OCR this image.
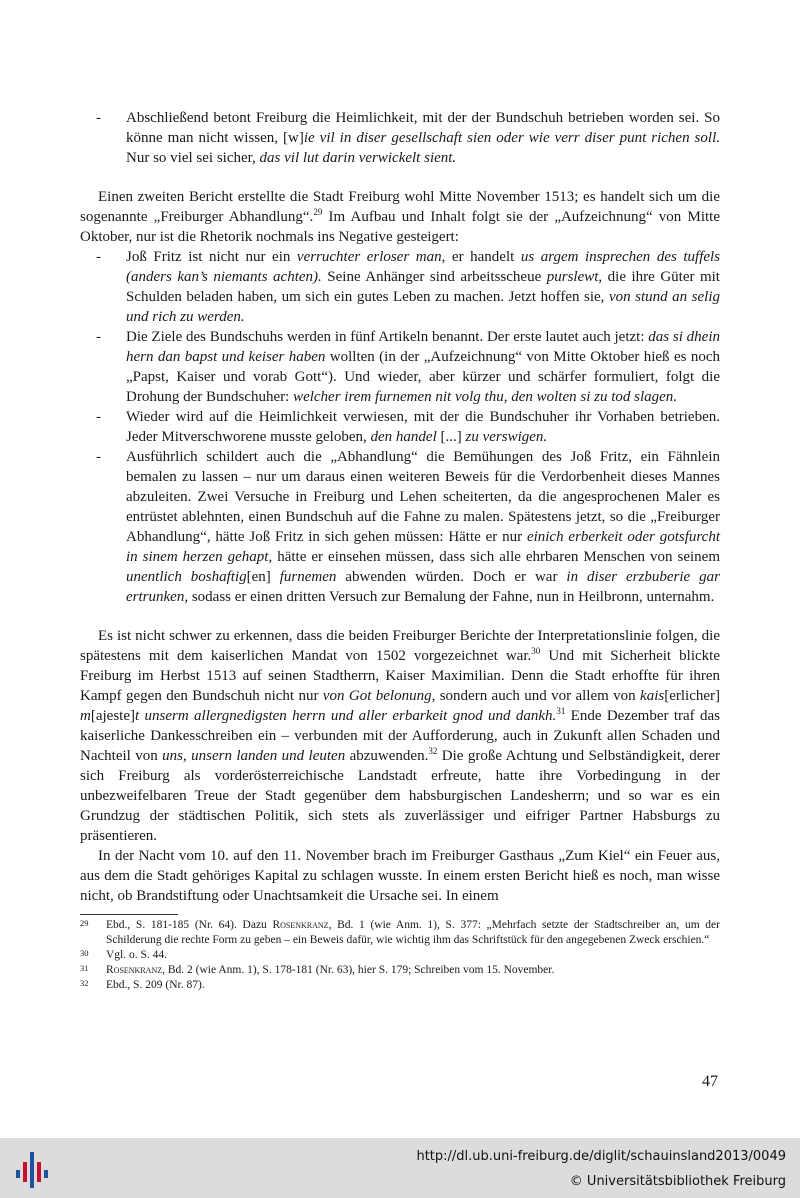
- Abschließend betont Freiburg die Heimlichkeit, mit der der Bundschuh betrieben worden sei. So könne man nicht wissen, [w]ie vil in diser gesellschaft sien oder wie verr diser punt richen soll. Nur so viel sei sicher, das vil lut darin verwickelt sient.

Einen zweiten Bericht erstellte die Stadt Freiburg wohl Mitte November 1513; es handelt sich um die sogenannte „Freiburger Abhandlung“.$^{29}$ Im Aufbau und Inhalt folgt sie der „Aufzeichnung“ von Mitte Oktober, nur ist die Rhetorik nochmals ins Negative gesteigert:

- Joß Fritz ist nicht nur ein verruchter erloser man, er handelt us argem insprechen des tuffels (anders kan’s niemants achten). Seine Anhänger sind arbeitsscheue purslewt, die ihre Güter mit Schulden beladen haben, um sich ein gutes Leben zu machen. Jetzt hoffen sie, von stund an selig und rich zu werden.
- Die Ziele des Bundschuhs werden in fünf Artikeln benannt. Der erste lautet auch jetzt: das si dhein hern dan bapst und keiser haben wollten (in der „Aufzeichnung“ von Mitte Oktober hieß es noch „Papst, Kaiser und vorab Gott“). Und wieder, aber kürzer und schärfer formuliert, folgt die Drohung der Bundschuher: welcher irem furnemen nit volg thu, den wolten si zu tod slagen.
- Wieder wird auf die Heimlichkeit verwiesen, mit der die Bundschuher ihr Vorhaben betrieben. Jeder Mitverschworene musste geloben, den handel [...] zu verswigen.
- Ausführlich schildert auch die „Abhandlung“ die Bemühungen des Joß Fritz, ein Fähnlein bemalen zu lassen – nur um daraus einen weiteren Beweis für die Verdorbenheit dieses Mannes abzuleiten. Zwei Versuche in Freiburg und Lehen scheiterten, da die angesprochenen Maler es entrüstet ablehnten, einen Bundschuh auf die Fahne zu malen. Spätestens jetzt, so die „Freiburger Abhandlung“, hätte Joß Fritz in sich gehen müssen: Hätte er nur einich erberkeit oder gotsfurcht in sinem herzen gehapt, hätte er einsehen müssen, dass sich alle ehrbaren Menschen von seinem unentlich boshaftig[en] furnemen abwenden würden. Doch er war in diser erzbuberie gar ertrunken, sodass er einen dritten Versuch zur Bemalung der Fahne, nun in Heilbronn, unternahm.

Es ist nicht schwer zu erkennen, dass die beiden Freiburger Berichte der Interpretationslinie folgen, die spätestens mit dem kaiserlichen Mandat von 1502 vorgezeichnet war.$^{30}$ Und mit Sicherheit blickte Freiburg im Herbst 1513 auf seinen Stadtherrn, Kaiser Maximilian. Denn die Stadt erhoffte für ihren Kampf gegen den Bundschuh nicht nur von Got belonung, sondern auch und vor allem von kais[erlicher] m[ajeste]t unserm allergnedigsten herrn und aller erbarkeit gnod und dankh.$^{31}$ Ende Dezember traf das kaiserliche Dankesschreiben ein – verbunden mit der Aufforderung, auch in Zukunft allen Schaden und Nachteil von uns, unsern landen und leuten abzuwenden.$^{32}$ Die große Achtung und Selbständigkeit, derer sich Freiburg als vorderösterreichische Landstadt erfreute, hatte ihre Vorbedingung in der unbezweifelbaren Treue der Stadt gegenüber dem habsburgischen Landesherrn; und so war es ein Grundzug der städtischen Politik, sich stets als zuverlässiger und eifriger Partner Habsburgs zu präsentieren.

In der Nacht vom 10. auf den 11. November brach im Freiburger Gasthaus „Zum Kiel“ ein Feuer aus, aus dem die Stadt gehöriges Kapital zu schlagen wusste. In einem ersten Bericht hieß es noch, man wisse nicht, ob Brandstiftung oder Unachtsamkeit die Ursache sei. In einem

29 Ebd., S. 181-185 (Nr. 64). Dazu Rosenkranz, Bd. 1 (wie Anm. 1), S. 377: „Mehrfach setzte der Stadtschreiber an, um der Schilderung die rechte Form zu geben – ein Beweis dafür, wie wichtig ihm das Schriftstück für den angegebenen Zweck erschien.“
30 Vgl. o. S. 44.
31 Rosenkranz, Bd. 2 (wie Anm. 1), S. 178-181 (Nr. 63), hier S. 179; Schreiben vom 15. November.
32 Ebd., S. 209 (Nr. 87).
47
http://dl.ub.uni-freiburg.de/diglit/schauinsland2013/0049
© Universitätsbibliothek Freiburg
